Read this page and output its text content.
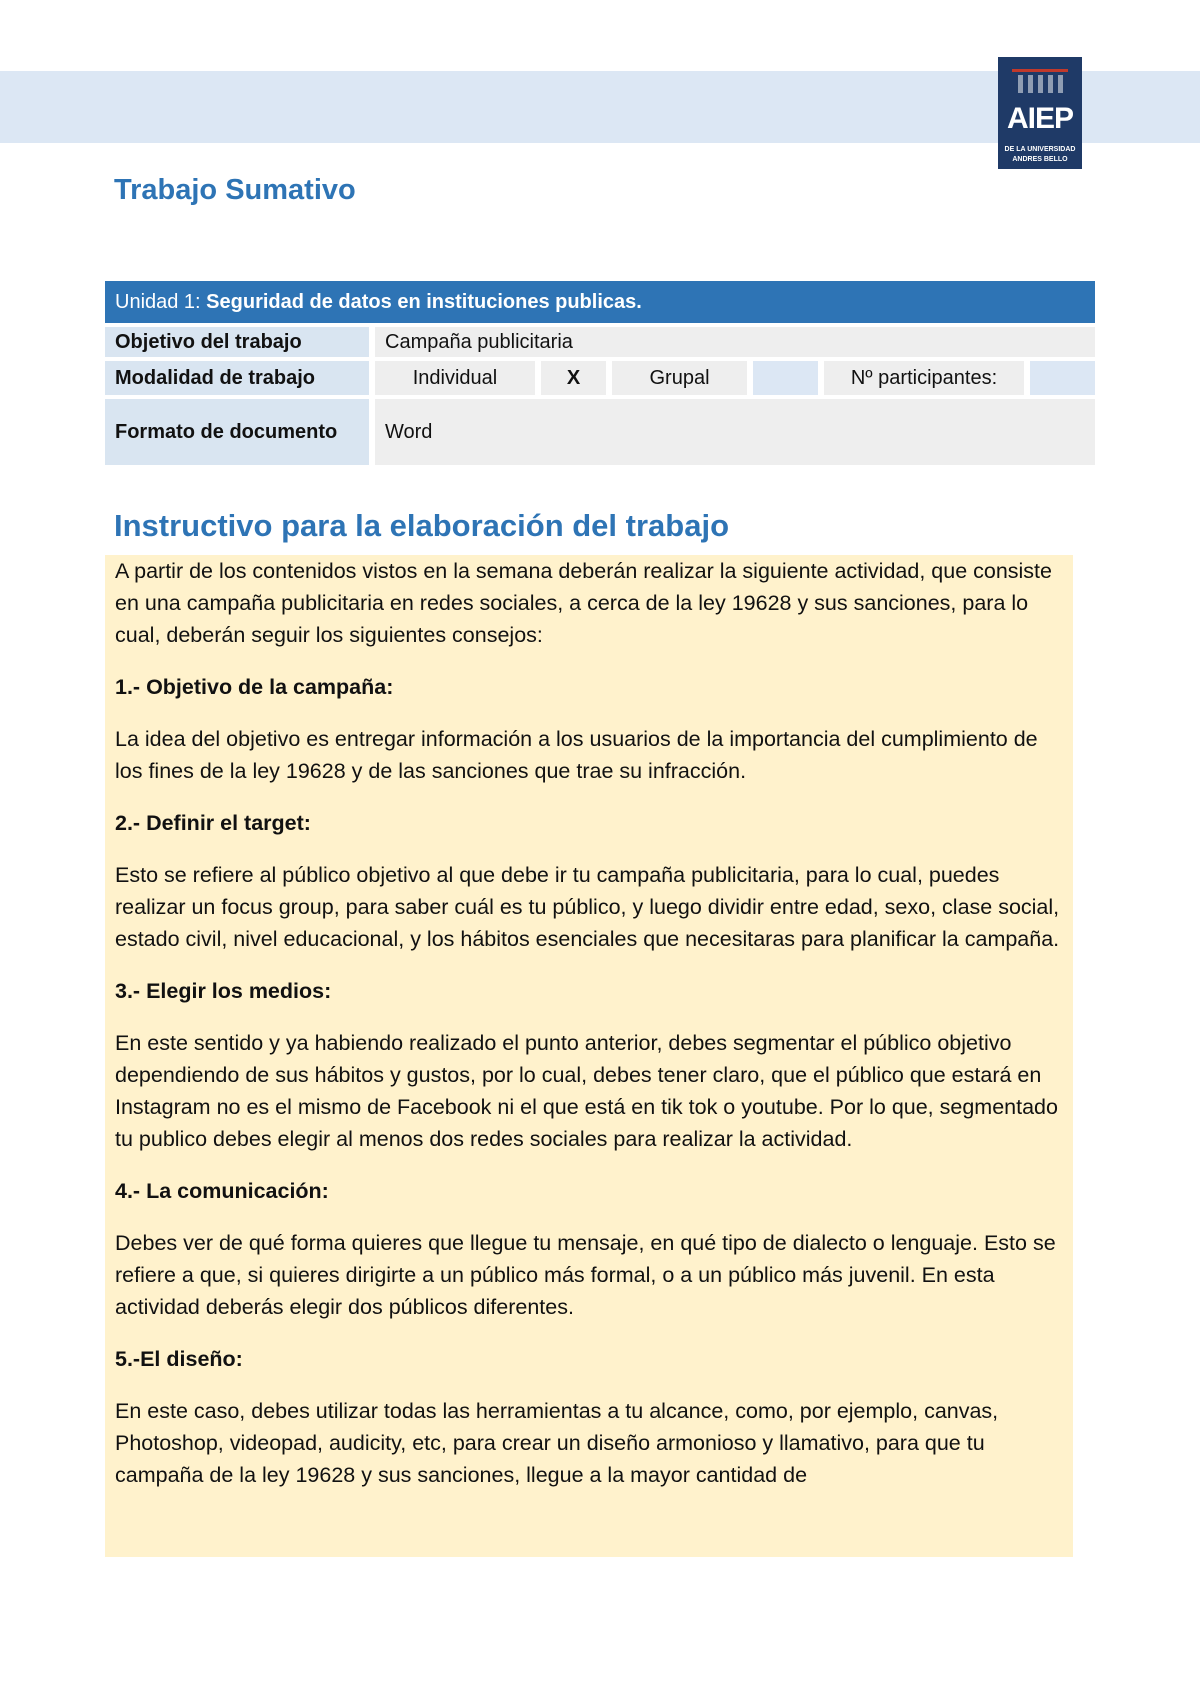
AIEP
DE LA UNIVERSIDAD
ANDRES BELLO
Trabajo Sumativo
Unidad 1: Seguridad de datos en instituciones publicas.						
Objetivo del trabajo	Campaña publicitaria					
Modalidad de trabajo	Individual	X	Grupal		Nº participantes:	
Formato de documento	Word					
Instructivo para la elaboración del trabajo

A partir de los contenidos vistos en la semana deberán realizar la siguiente actividad, que consiste en una campaña publicitaria en redes sociales, a cerca de la ley 19628 y sus sanciones, para lo cual, deberán seguir los siguientes consejos:

1.- Objetivo de la campaña:

La idea del objetivo es entregar información a los usuarios de la importancia del cumplimiento de los fines de la ley 19628 y de las sanciones que trae su infracción.

2.- Definir el target:

Esto se refiere al público objetivo al que debe ir tu campaña publicitaria, para lo cual, puedes realizar un focus group, para saber cuál es tu público, y luego dividir entre edad, sexo, clase social, estado civil, nivel educacional, y los hábitos esenciales que necesitaras para planificar la campaña.

3.- Elegir los medios:

En este sentido y ya habiendo realizado el punto anterior, debes segmentar el público objetivo dependiendo de sus hábitos y gustos, por lo cual, debes tener claro, que el público que estará en Instagram no es el mismo de Facebook ni el que está en tik tok o youtube. Por lo que, segmentado tu publico debes elegir al menos dos redes sociales para realizar la actividad.

4.- La comunicación:

Debes ver de qué forma quieres que llegue tu mensaje, en qué tipo de dialecto o lenguaje. Esto se refiere a que, si quieres dirigirte a un público más formal, o a un público más juvenil. En esta actividad deberás elegir dos públicos diferentes.

5.-El diseño:

En este caso, debes utilizar todas las herramientas a tu alcance, como, por ejemplo, canvas, Photoshop, videopad, audicity, etc, para crear un diseño armonioso y llamativo, para que tu campaña de la ley 19628 y sus sanciones, llegue a la mayor cantidad de
